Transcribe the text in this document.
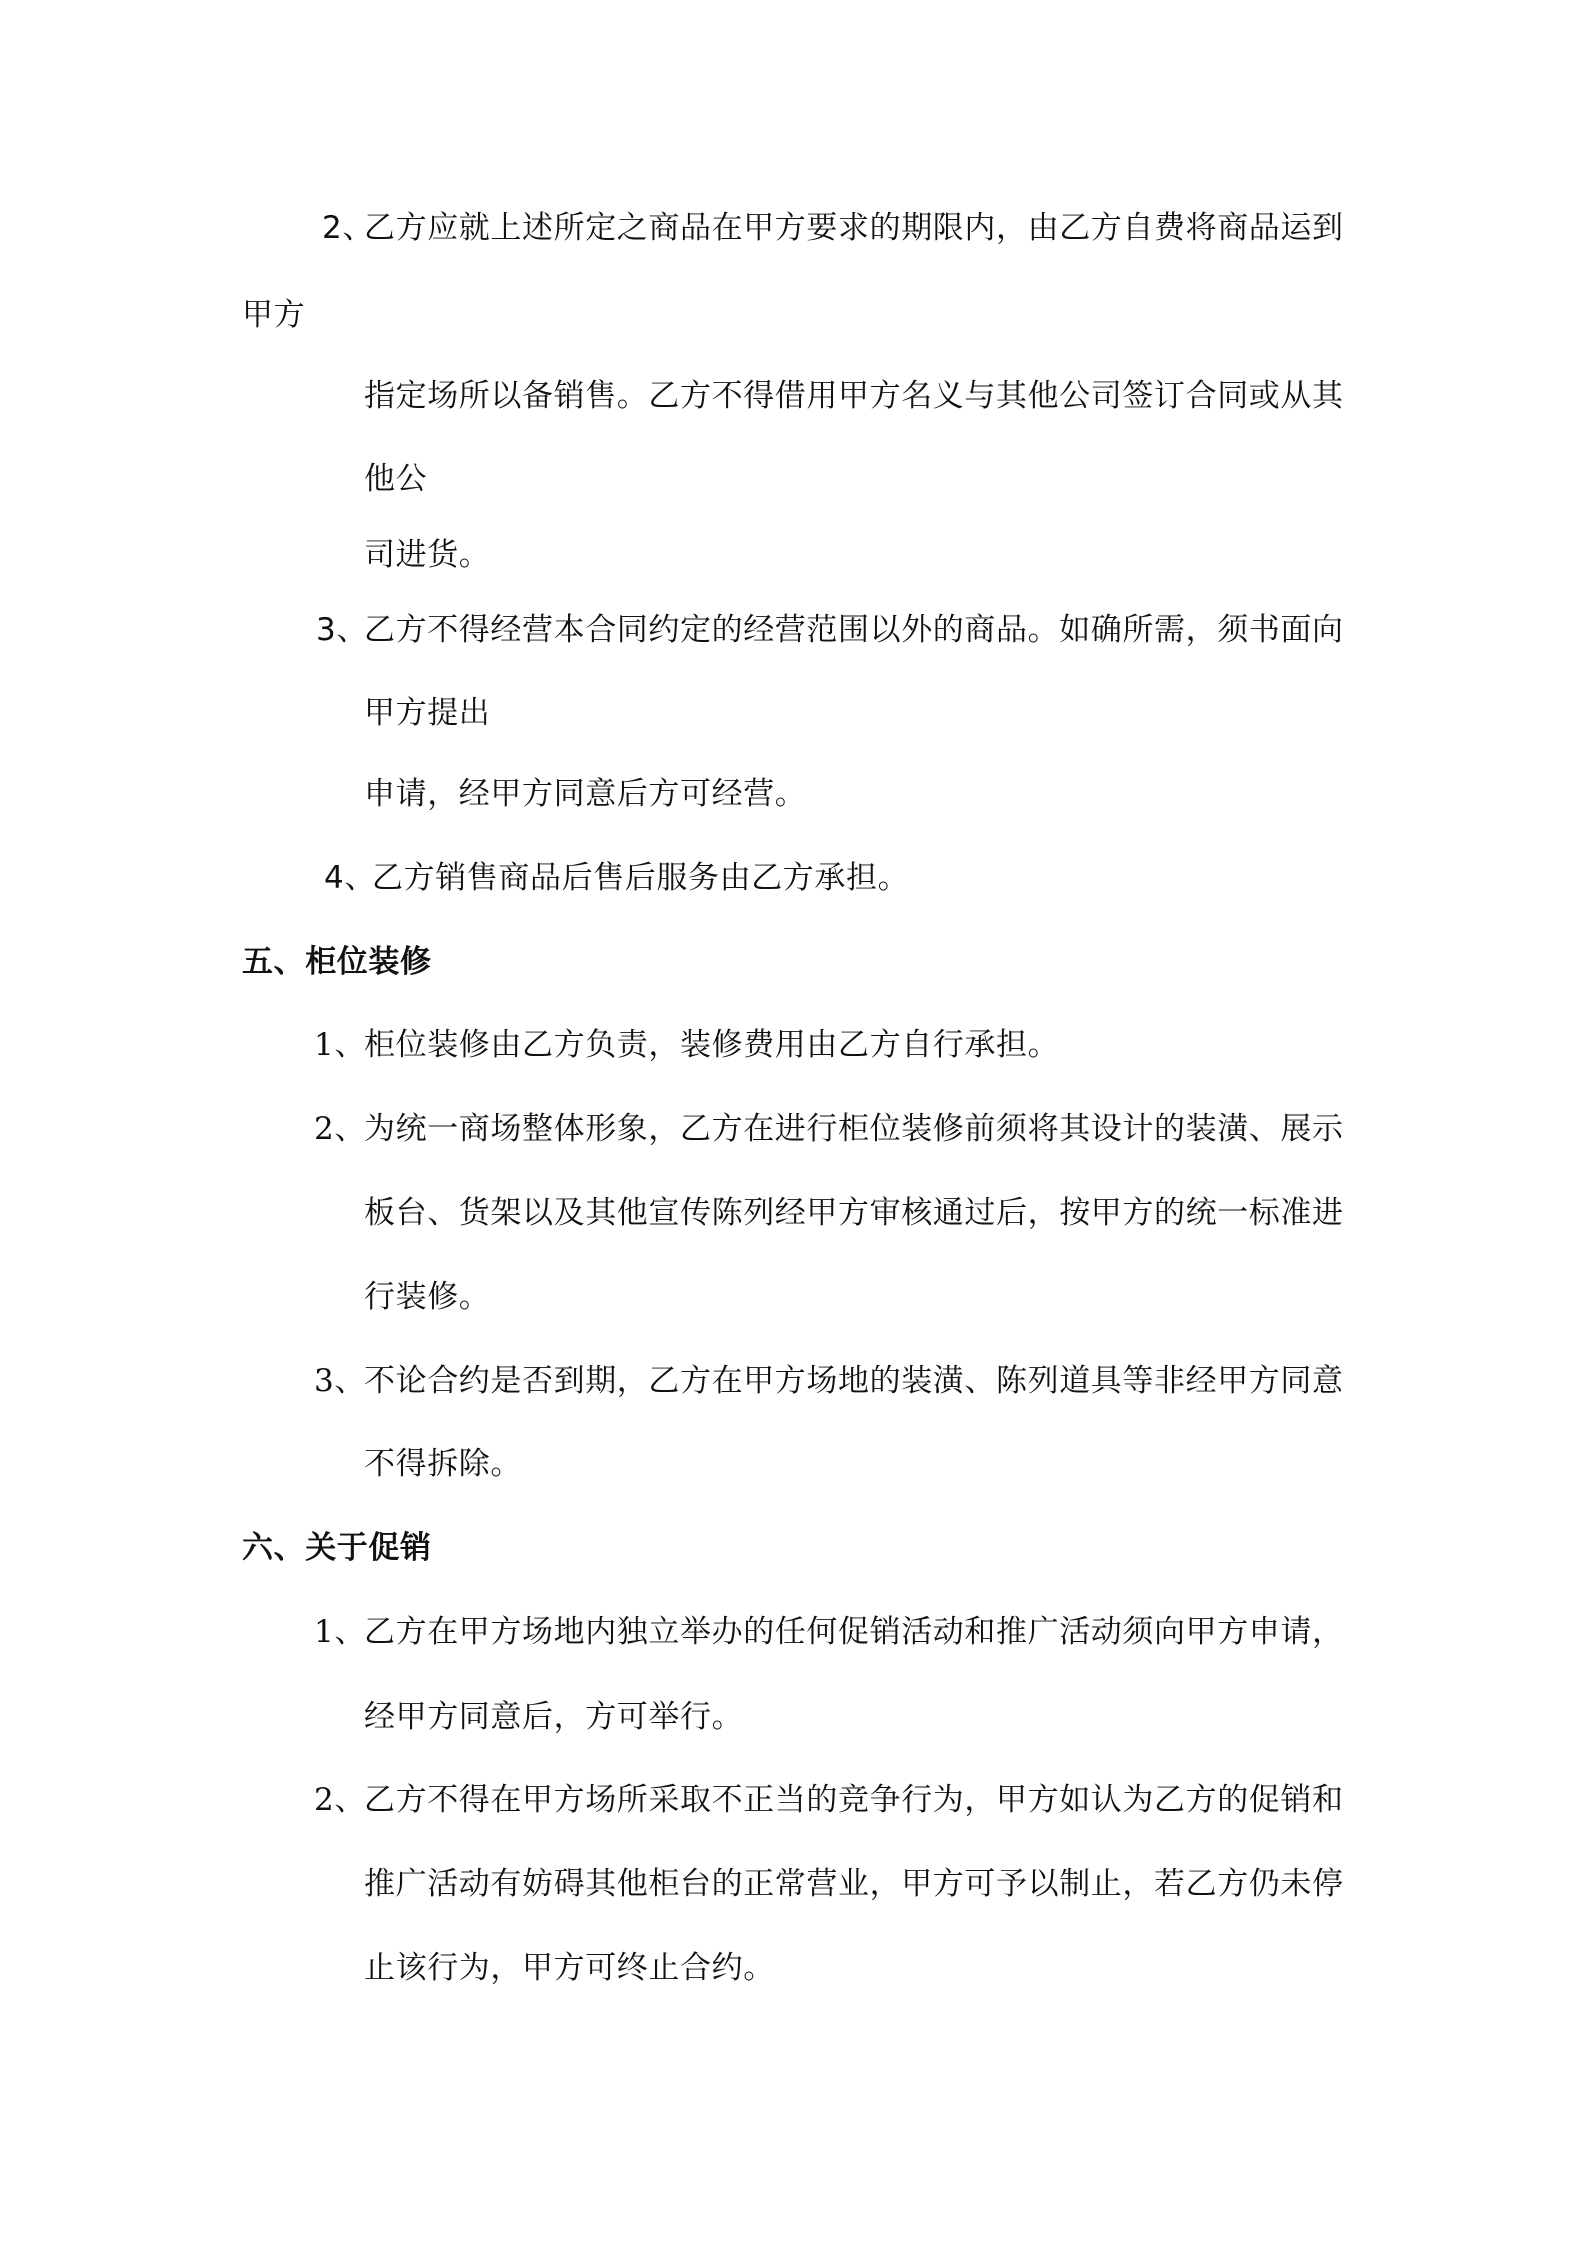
2、
乙方应就上述所定之商品在甲方要求的期限内，由乙方自费将商品运到
甲方
指定场所以备销售。乙方不得借用甲方名义与其他公司签订合同或从其
他公
司进货。
3、
乙方不得经营本合同约定的经营范围以外的商品。如确所需，须书面向
甲方提出
申请，经甲方同意后方可经营。
4、
乙方销售商品后售后服务由乙方承担。
五、柜位装修
1、
柜位装修由乙方负责，装修费用由乙方自行承担。
2、
为统一商场整体形象，乙方在进行柜位装修前须将其设计的装潢、展示
板台、货架以及其他宣传陈列经甲方审核通过后，按甲方的统一标准进
行装修。
3、
不论合约是否到期，乙方在甲方场地的装潢、陈列道具等非经甲方同意
不得拆除。
六、关于促销
1、
乙方在甲方场地内独立举办的任何促销活动和推广活动须向甲方申请，
经甲方同意后，方可举行。
2、
乙方不得在甲方场所采取不正当的竞争行为，甲方如认为乙方的促销和
推广活动有妨碍其他柜台的正常营业，甲方可予以制止，若乙方仍未停
止该行为，甲方可终止合约。
